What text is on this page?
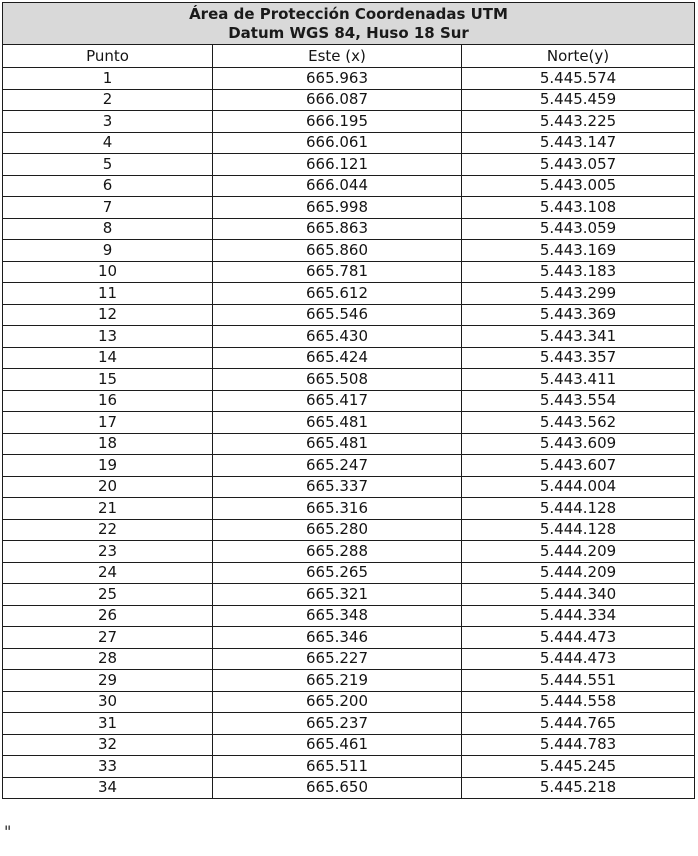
Área de Protección Coordenadas UTM
Datum WGS 84, Huso 18 Sur		

Punto	Este (x)	Norte(y)
1	665.963	5.445.574
2	666.087	5.445.459
3	666.195	5.443.225
4	666.061	5.443.147
5	666.121	5.443.057
6	666.044	5.443.005
7	665.998	5.443.108
8	665.863	5.443.059
9	665.860	5.443.169
10	665.781	5.443.183
11	665.612	5.443.299
12	665.546	5.443.369
13	665.430	5.443.341
14	665.424	5.443.357
15	665.508	5.443.411
16	665.417	5.443.554
17	665.481	5.443.562
18	665.481	5.443.609
19	665.247	5.443.607
20	665.337	5.444.004
21	665.316	5.444.128
22	665.280	5.444.128
23	665.288	5.444.209
24	665.265	5.444.209
25	665.321	5.444.340
26	665.348	5.444.334
27	665.346	5.444.473
28	665.227	5.444.473
29	665.219	5.444.551
30	665.200	5.444.558
31	665.237	5.444.765
32	665.461	5.444.783
33	665.511	5.445.245
34	665.650	5.445.218
"
